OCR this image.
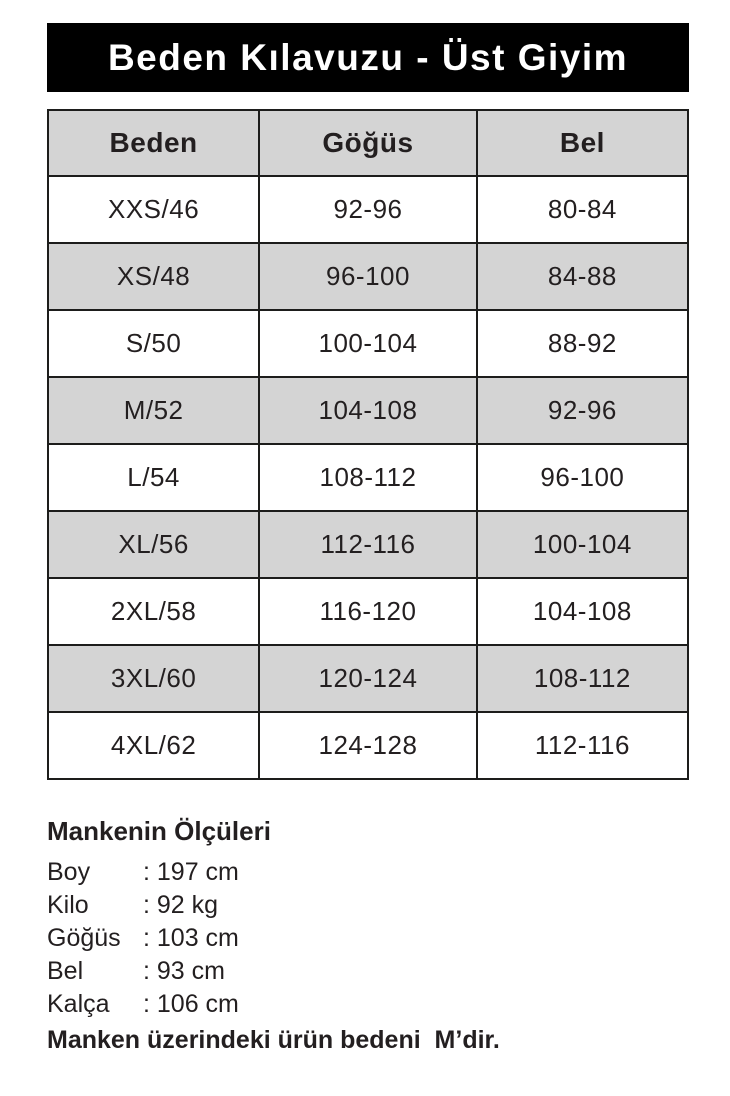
Beden Kılavuzu - Üst Giyim
Beden	Göğüs	Bel
XXS/46	92-96	80-84
XS/48	96-100	84-88
S/50	100-104	88-92
M/52	104-108	92-96
L/54	108-112	96-100
XL/56	112-116	100-104
2XL/58	116-120	104-108
3XL/60	120-124	108-112
4XL/62	124-128	112-116
Mankenin Ölçüleri
Boy	: 197 cm
Kilo	: 92 kg
Göğüs : 103 cm
Bel	: 93 cm
Kalça	: 106 cm

Manken üzerindeki ürün bedeni  M’dir.
